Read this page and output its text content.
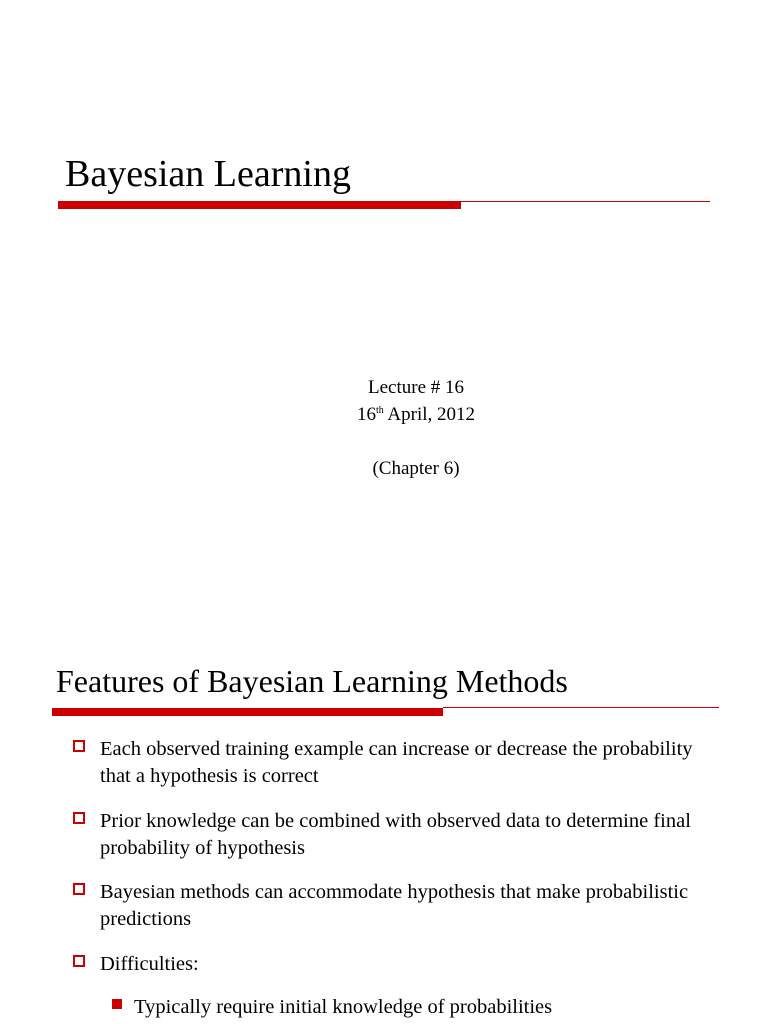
Bayesian Learning

Lecture # 16

16th April, 2012

(Chapter 6)

Features of Bayesian Learning Methods
Each observed training example can increase or decrease the probability that a hypothesis is correct
Prior knowledge can be combined with observed data to determine final probability of hypothesis
Bayesian methods can accommodate hypothesis that make probabilistic predictions
Difficulties:
Typically require initial knowledge of probabilities
